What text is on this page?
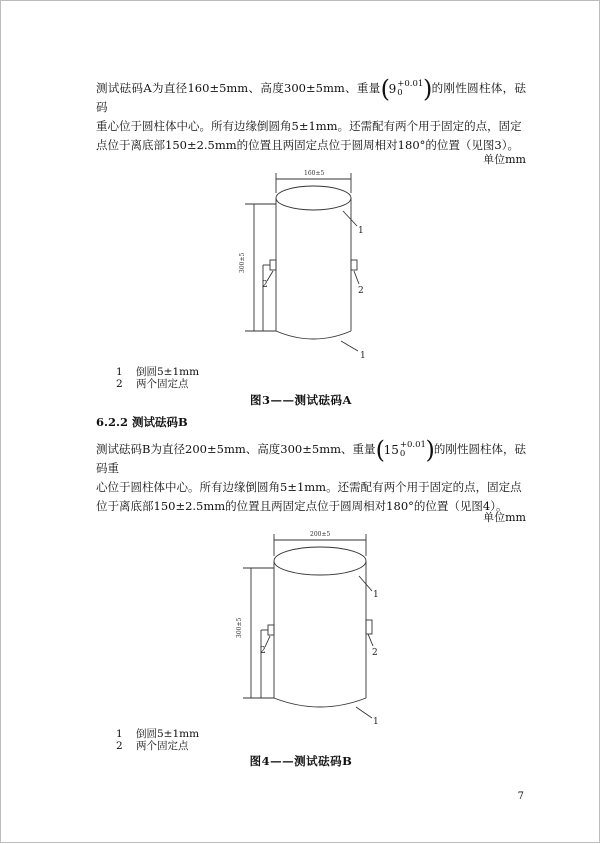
测试砝码A为直径160±5mm、高度300±5mm、重量 (
9 +0.01
0 ) 的刚性圆柱体，砝码
重心位于圆柱体中心。所有边缘倒圆角5±1mm。还需配有两个用于固定的点，固定
点位于离底部150±2.5mm的位置且两固定点位于圆周相对180°的位置（见图3）。
单位mm
160±5
300±5
1
2
2
1
1 倒圆5±1mm
2 两个固定点
图3——测试砝码A
6.2.2 测试砝码B
测试砝码B为直径200±5mm、高度300±5mm、重量 (
15 +0.01
0 ) 的刚性圆柱体，砝码重
心位于圆柱体中心。所有边缘倒圆角5±1mm。还需配有两个用于固定的点，固定点
位于离底部150±2.5mm的位置且两固定点位于圆周相对180°的位置（见图4）。
单位mm
200±5
300±5
1
2	2
1
1 倒圆5±1mm
2 两个固定点
图4——测试砝码B
7
